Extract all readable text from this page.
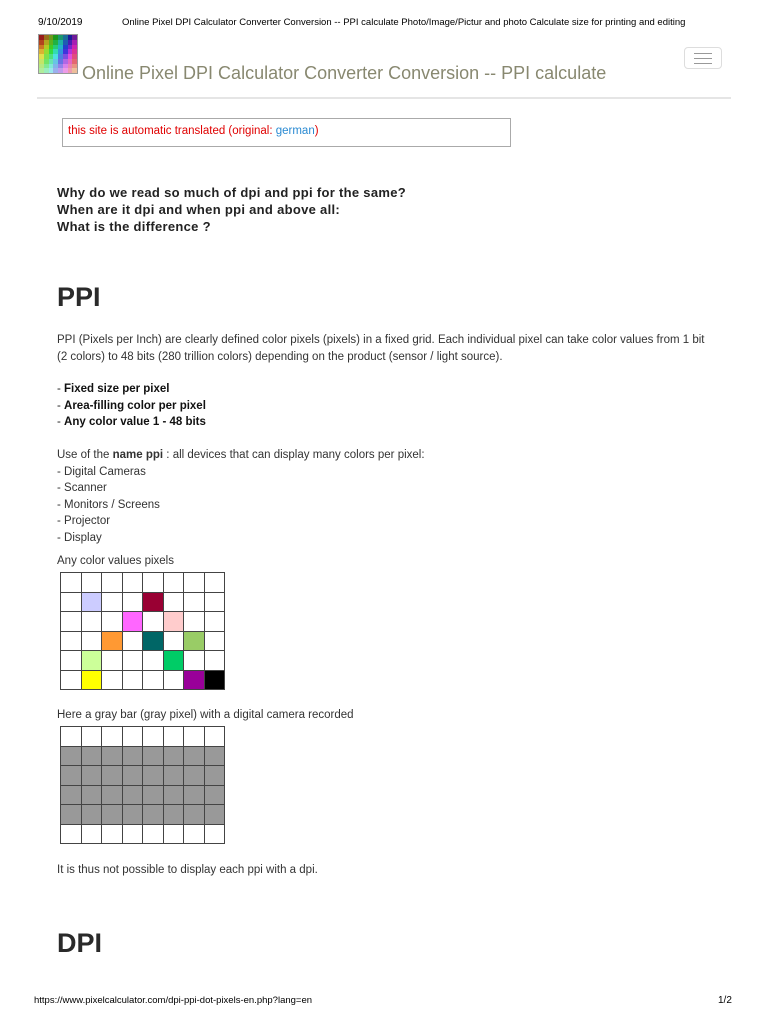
9/10/2019	Online Pixel DPI Calculator Converter Conversion -- PPI calculate Photo/Image/Pictur and photo Calculate size for printing and editing
Online Pixel DPI Calculator Converter Conversion -- PPI calculate
this site is automatic translated (original: german)
Why do we read so much of dpi and ppi for the same?
When are it dpi and when ppi and above all:
What is the difference ?
PPI
PPI (Pixels per Inch) are clearly defined color pixels (pixels) in a fixed grid. Each individual pixel can take color values from 1 bit (2 colors) to 48 bits (280 trillion colors) depending on the product (sensor / light source).
- Fixed size per pixel
- Area-filling color per pixel
- Any color value 1 - 48 bits
Use of the name ppi : all devices that can display many colors per pixel:
- Digital Cameras
- Scanner
- Monitors / Screens
- Projector
- Display
Any color values pixels

Here a gray bar (gray pixel) with a digital camera recorded

It is thus not possible to display each ppi with a dpi.
DPI
https://www.pixelcalculator.com/dpi-ppi-dot-pixels-en.php?lang=en	1/2
